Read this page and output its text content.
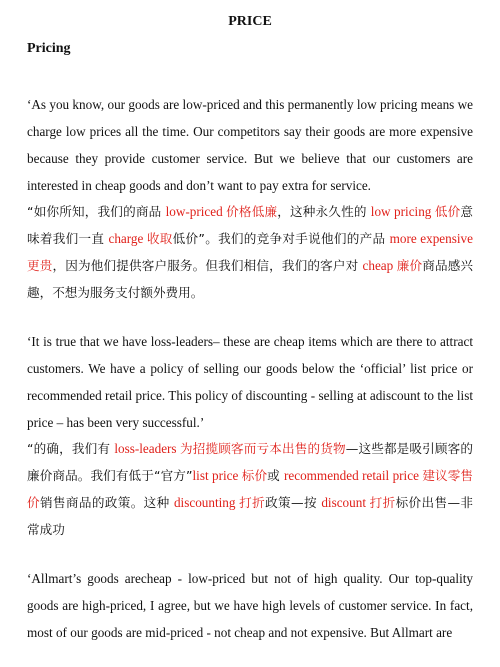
PRICE
Pricing
‘As you know, our goods are low-priced and this permanently low pricing means we charge low prices all the time. Our competitors say their goods are more expensive because they provide customer service. But we believe that our customers are interested in cheap goods and don’t want to pay extra for service.
“如你所知，我们的商品 low-priced 价格低廉，这种永久性的 low pricing 低价意味着我们一直 charge 收取低价”。我们的竞争对手说他们的产品 more expensive 更贵，因为他们提供客户服务。但我们相信，我们的客户对 cheap 廉价商品感兴趣，不想为服务支付额外费用。
‘It is true that we have loss-leaders– these are cheap items which are there to attract customers. We have a policy of selling our goods below the ‘official’ list price or recommended retail price. This policy of discounting - selling at adiscount to the list price – has been very successful.’
“的确，我们有 loss-leaders 为招揽顾客而亏本出售的货物—这些都是吸引顾客的廉价商品。我们有低于“官方”list price 标价或 recommended retail price 建议零售价销售商品的政策。这种 discounting 打折政策—按 discount 打折标价出售—非常成功
‘Allmart’s goods arecheap - low-priced but not of high quality. Our top-quality goods are high-priced, I agree, but we have high levels of customer service. In fact, most of our goods are mid-priced - not cheap and not expensive. But Allmart are
